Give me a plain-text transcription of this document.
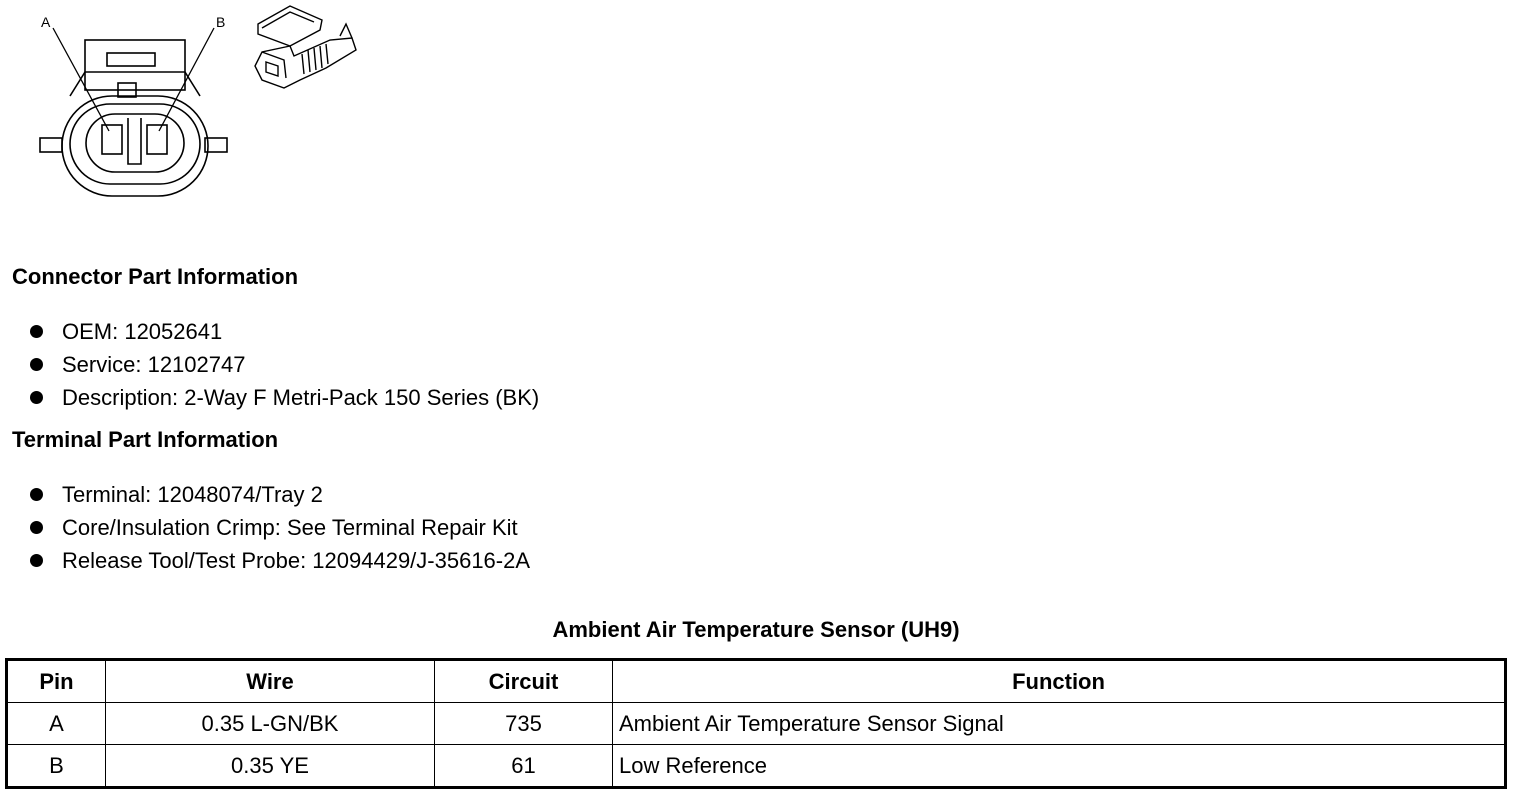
A	B
Connector Part Information
OEM: 12052641
Service: 12102747
Description: 2-Way F Metri-Pack 150 Series (BK)
Terminal Part Information
Terminal: 12048074/Tray 2
Core/Insulation Crimp: See Terminal Repair Kit
Release Tool/Test Probe: 12094429/J-35616-2A
Ambient Air Temperature Sensor (UH9)
Pin	Wire	Circuit	Function
A	0.35 L-GN/BK	735	Ambient Air Temperature Sensor Signal
B	0.35 YE	61	Low Reference
